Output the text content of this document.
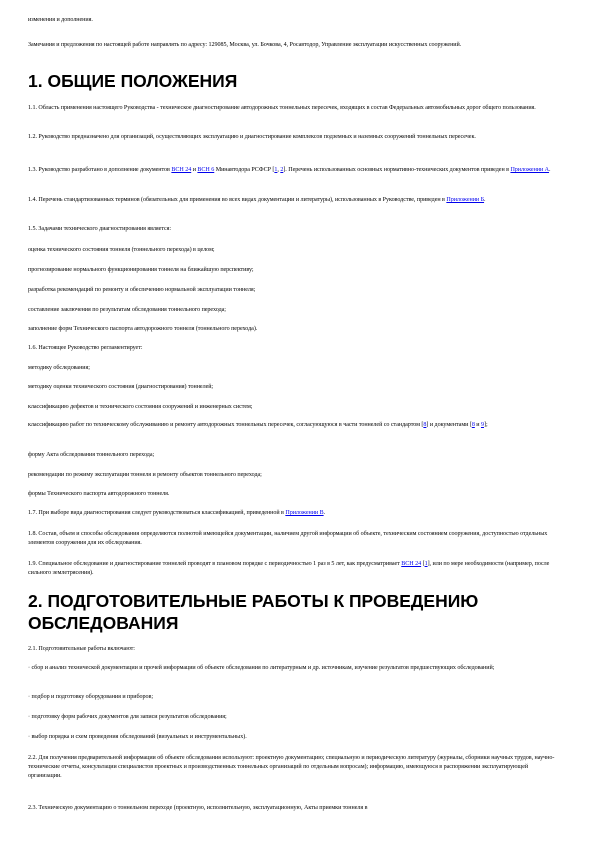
изменения и дополнения.

Замечания и предложения по настоящей работе направлять по адресу: 129085, Москва, ул. Бочкова, 4, Росавтодор, Управление эксплуатации искусственных сооружений.

1. ОБЩИЕ ПОЛОЖЕНИЯ

1.1. Область применения настоящего Руководства - техническое диагностирование автодорожных тоннельных пересечек, входящих в состав Федеральных автомобильных дорог общего пользования.

1.2. Руководство предназначено для организаций, осуществляющих эксплуатацию и диагностирование комплексов подземных и наземных сооружений тоннельных пересечек.

1.3. Руководство разработано в дополнение документов ВСН 24 и ВСН 6 Минавтодора РСФСР [1, 2]. Перечень использованных основных нормативно-технических документов приведен в Приложении А.

1.4. Перечень стандартизованных терминов (обязательных для применения во всех видах документации и литературы), использованных в Руководстве, приведен в Приложении Б.

1.5. Задачами технического диагностирования является:

оценка технического состояния тоннеля (тоннельного перехода) в целом;

прогнозирование нормального функционирования тоннеля на ближайшую перспективу;

разработка рекомендаций по ремонту и обеспечению нормальной эксплуатации тоннеля;

составление заключения по результатам обследования тоннельного перехода;

заполнение форм Технического паспорта автодорожного тоннеля (тоннельного перехода).

1.6. Настоящее Руководство регламентирует:

методику обследования;

методику оценки технического состояния (диагностирования) тоннелей;

классификацию дефектов и технического состояния сооружений и инженерных систем;

классификацию работ по техническому обслуживанию и ремонту автодорожных тоннельных пересечек, согласующуюся в части тоннелей со стандартом [8] и документами [8 и 9];

форму Акта обследования тоннельного перехода;

рекомендации по режиму эксплуатации тоннеля и ремонту объектов тоннельного перехода;

формы Технического паспорта автодорожного тоннеля.

1.7. При выборе вида диагностирования следует руководствоваться классификацией, приведенной в Приложении В.

1.8. Состав, объем и способы обследования определяются полнотой имеющейся документации, наличием другой информации об объекте, техническим состоянием сооружения, доступностью отдельных элементов сооружения для их обследования.

1.9. Специальное обследование и диагностирование тоннелей проводят в плановом порядке с периодичностью 1 раз в 5 лет, как предусматривает ВСН 24 [1], или по мере необходимости (например, после сильного землетрясения).

2. ПОДГОТОВИТЕЛЬНЫЕ РАБОТЫ К ПРОВЕДЕНИЮ
ОБСЛЕДОВАНИЯ

2.1. Подготовительные работы включают:

· сбор и анализ технической документации и прочей информации об объекте обследования по литературным и др. источникам, изучение результатов предшествующих обследований;

· подбор и подготовку оборудования и приборов;

· подготовку форм рабочих документов для записи результатов обследования;

· выбор порядка и схем проведения обследований (визуальных и инструментальных).

2.2. Для получения предварительной информации об объекте обследования используют: проектную документацию; специальную и периодическую литературу (журналы, сборники научных трудов, научно-технические отчеты, консультации специалистов проектных и производственных тоннельных организаций по отдельным вопросам); информацию, имеющуюся в распоряжении эксплуатирующей организации.

2.3. Техническую документацию о тоннельном переходе (проектную, исполнительную, эксплуатационную, Акты приемки тоннеля в
